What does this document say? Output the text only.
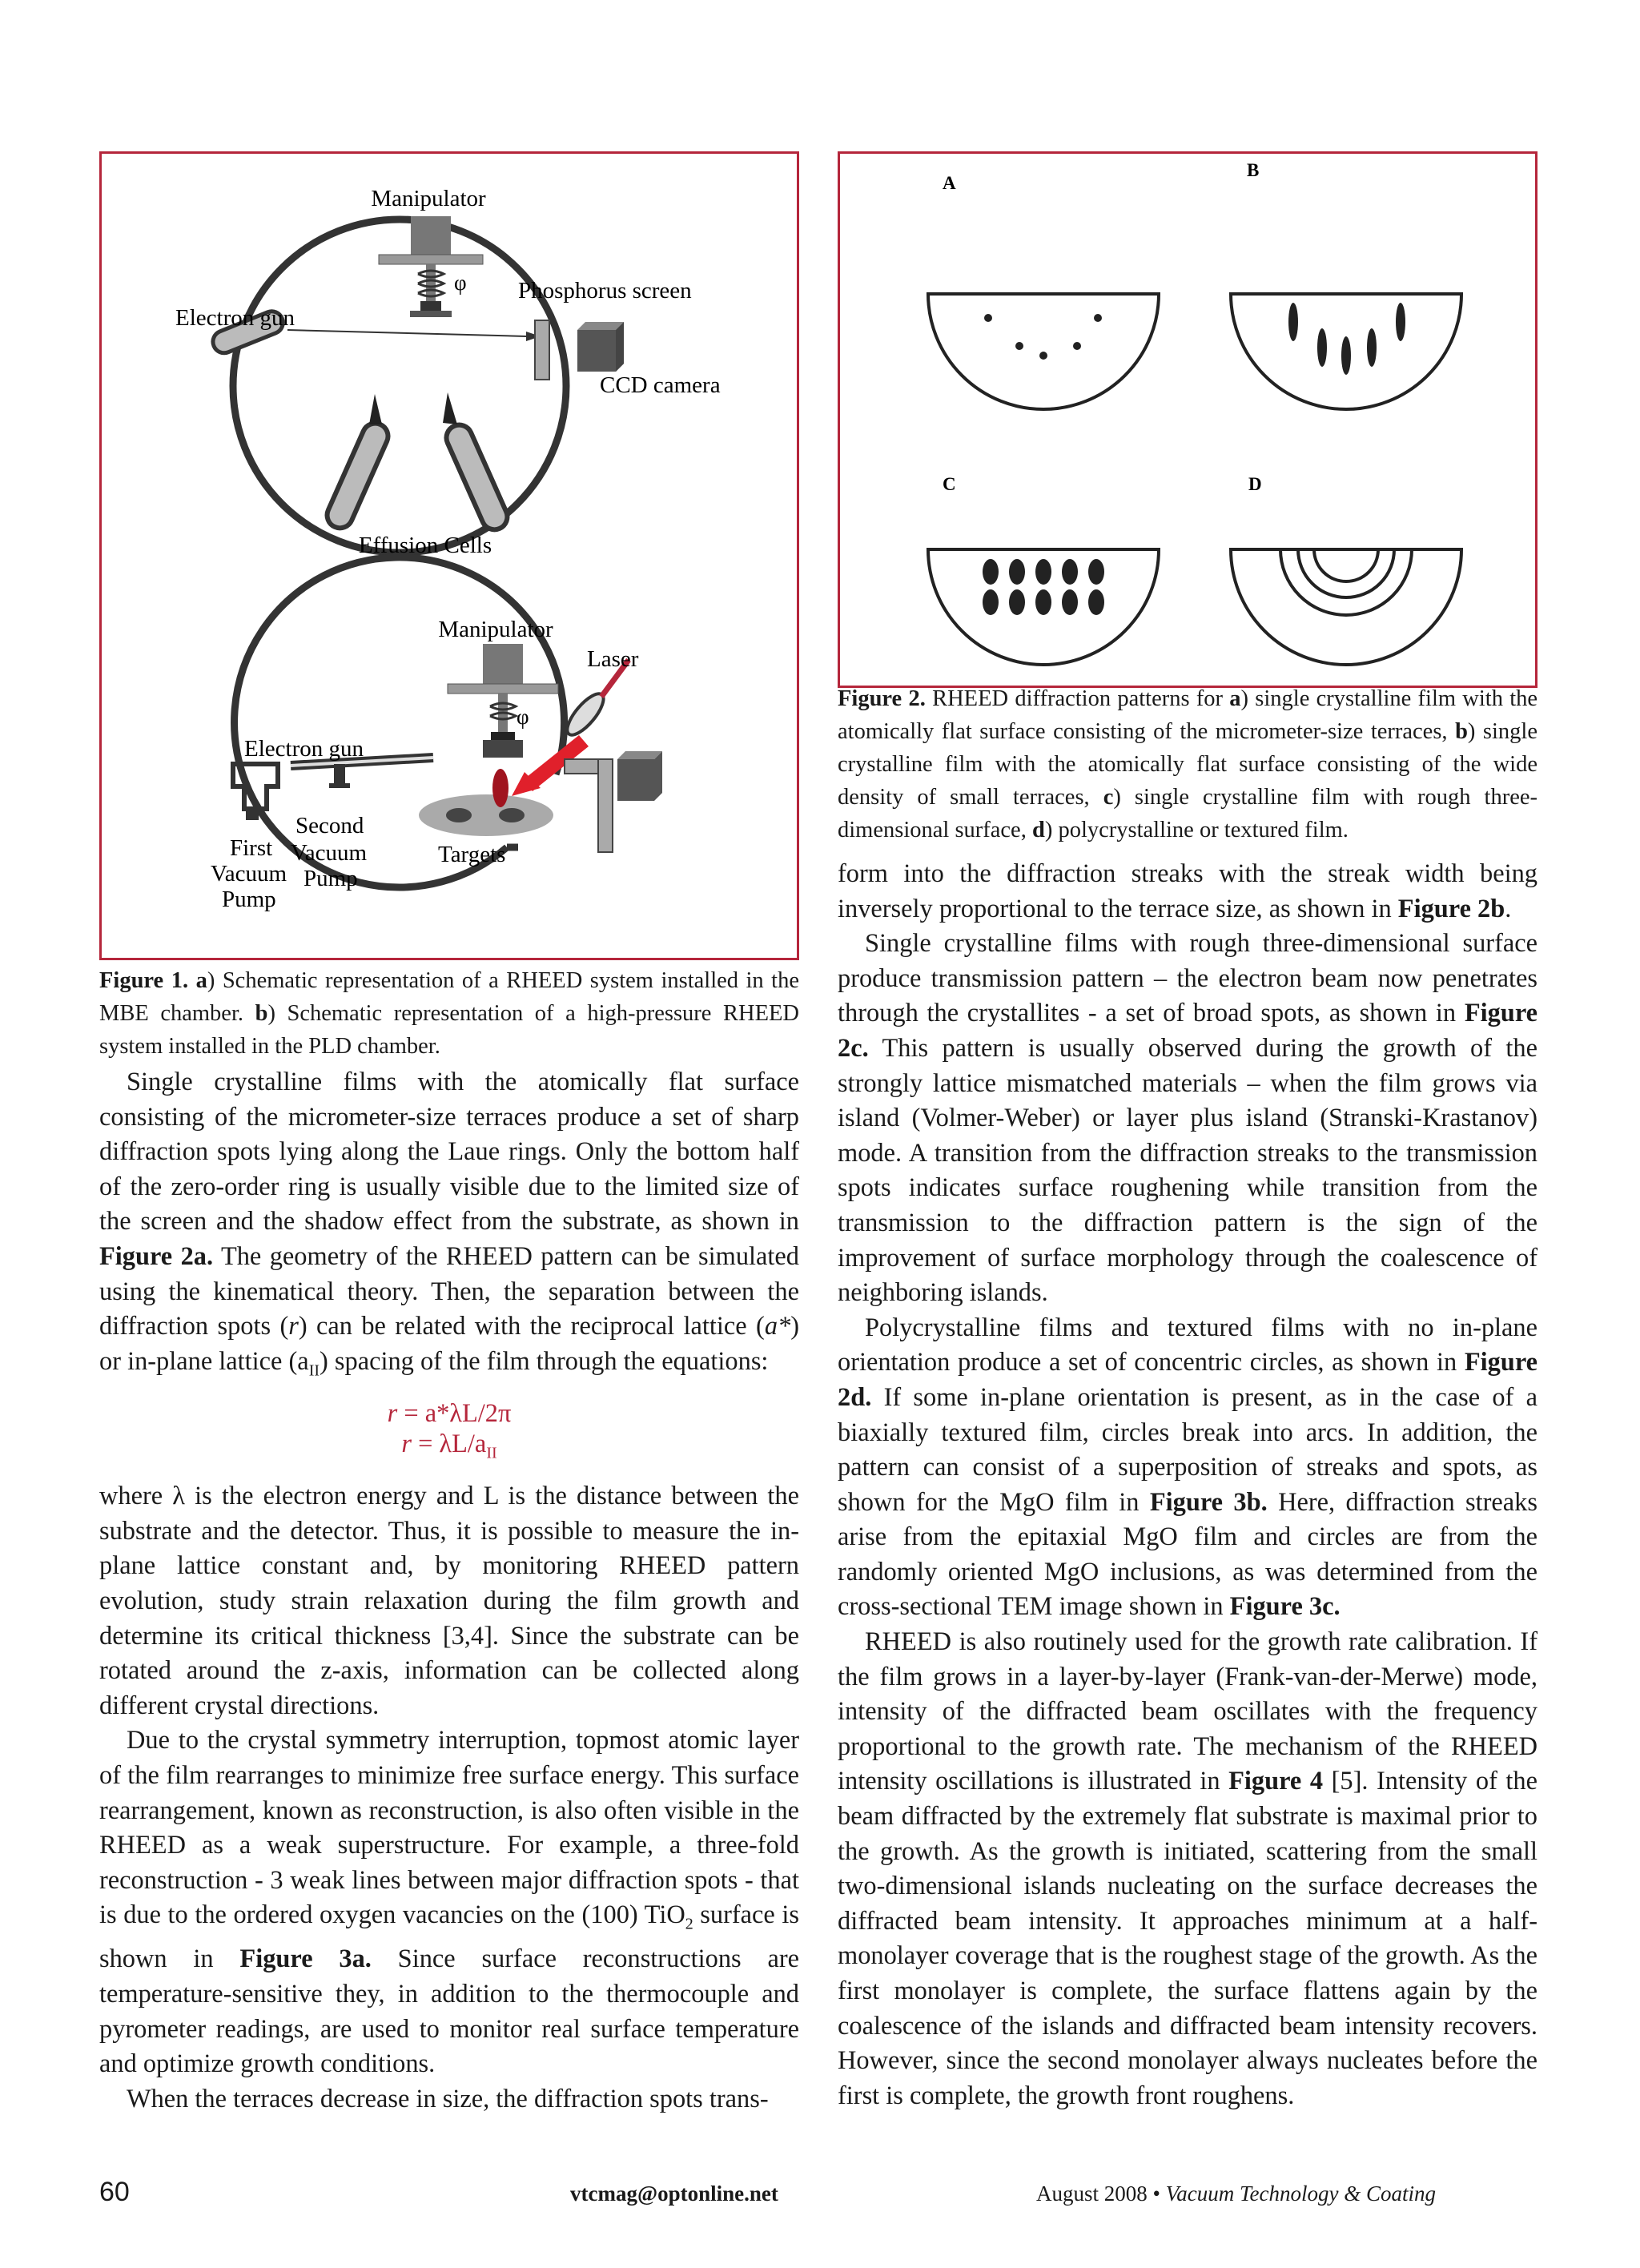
Manipulator
φ Phosphorus screen
Electron gun
CCD camera
Effusion Cells
Manipulator
Laser
φ
Electron gun
Second
Vacuum
Pump
First
Vacuum
Pump
Targets
Figure 1. a) Schematic representation of a RHEED system installed in the MBE chamber. b) Schematic representation of a high-pressure RHEED system installed in the PLD chamber.
A
B
C	D
Figure 2. RHEED diffraction patterns for a) single crystalline film with the atomically flat surface consisting of the micrometer-size terraces, b) single crystalline film with the atomically flat surface consisting of the wide density of small terraces, c) single crystalline film with rough three-dimensional surface, d) polycrystalline or textured film.

Single crystalline films with the atomically flat surface consisting of the micrometer-size terraces produce a set of sharp diffraction spots lying along the Laue rings. Only the bottom half of the zero-order ring is usually visible due to the limited size of the screen and the shadow effect from the substrate, as shown in Figure 2a. The geometry of the RHEED pattern can be simulated using the kinematical theory. Then, the separation between the diffraction spots (r) can be related with the reciprocal lattice (a*) or in-plane lattice $(a_{II})$ spacing of the film through the equations:

r = a*λL/2π
$r = \lambda L/a_{II}$

where λ is the electron energy and L is the distance between the substrate and the detector. Thus, it is possible to measure the in-plane lattice constant and, by monitoring RHEED pattern evolution, study strain relaxation during the film growth and determine its critical thickness [3,4]. Since the substrate can be rotated around the z-axis, information can be collected along different crystal directions.

Due to the crystal symmetry interruption, topmost atomic layer of the film rearranges to minimize free surface energy. This surface rearrangement, known as reconstruction, is also often visible in the RHEED as a weak superstructure. For example, a three-fold reconstruction - 3 weak lines between major diffraction spots - that is due to the ordered oxygen vacancies on the (100) TiO$_2$ surface is shown in Figure 3a. Since surface reconstructions are temperature-sensitive they, in addition to the thermocouple and pyrometer readings, are used to monitor real surface temperature and optimize growth conditions.

When the terraces decrease in size, the diffraction spots trans-

form into the diffraction streaks with the streak width being inversely proportional to the terrace size, as shown in Figure 2b.

Single crystalline films with rough three-dimensional surface produce transmission pattern – the electron beam now penetrates through the crystallites - a set of broad spots, as shown in Figure 2c. This pattern is usually observed during the growth of the strongly lattice mismatched materials – when the film grows via island (Volmer-Weber) or layer plus island (Stranski-Krastanov) mode. A transition from the diffraction streaks to the transmission spots indicates surface roughening while transition from the transmission to the diffraction pattern is the sign of the improvement of surface morphology through the coalescence of neighboring islands.

Polycrystalline films and textured films with no in-plane orientation produce a set of concentric circles, as shown in Figure 2d. If some in-plane orientation is present, as in the case of a biaxially textured film, circles break into arcs. In addition, the pattern can consist of a superposition of streaks and spots, as shown for the MgO film in Figure 3b. Here, diffraction streaks arise from the epitaxial MgO film and circles are from the randomly oriented MgO inclusions, as was determined from the cross-sectional TEM image shown in Figure 3c.

RHEED is also routinely used for the growth rate calibration. If the film grows in a layer-by-layer (Frank-van-der-Merwe) mode, intensity of the diffracted beam oscillates with the frequency proportional to the growth rate. The mechanism of the RHEED intensity oscillations is illustrated in Figure 4 [5]. Intensity of the beam diffracted by the extremely flat substrate is maximal prior to the growth. As the growth is initiated, scattering from the small two-dimensional islands nucleating on the surface decreases the diffracted beam intensity. It approaches minimum at a half-monolayer coverage that is the roughest stage of the growth. As the first monolayer is complete, the surface flattens again by the coalescence of the islands and diffracted beam intensity recovers. However, since the second monolayer always nucleates before the first is complete, the growth front roughens.

60	vtcmag@optonline.net	August 2008 • Vacuum Technology & Coating
